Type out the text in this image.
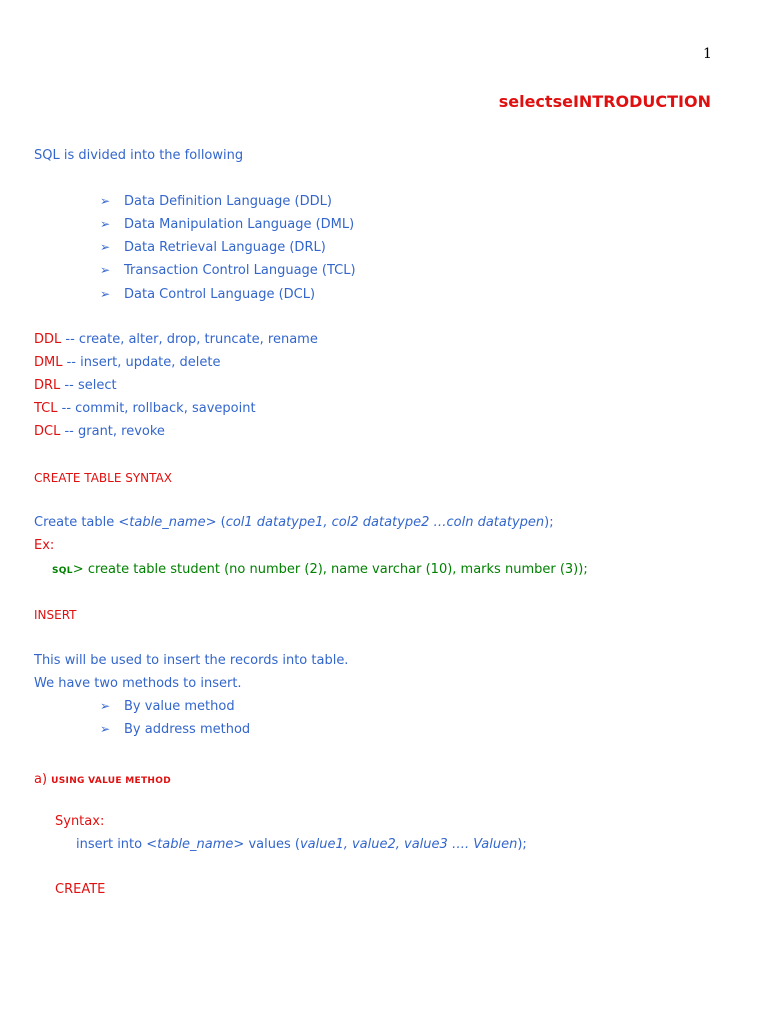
1
selectseINTRODUCTION
SQL is divided into the following
➢ Data Definition Language (DDL)
➢ Data Manipulation Language (DML)
➢ Data Retrieval Language (DRL)
➢ Transaction Control Language (TCL)
➢ Data Control Language (DCL)
DDL -- create, alter, drop, truncate, rename
DML -- insert, update, delete
DRL -- select
TCL -- commit, rollback, savepoint
DCL -- grant, revoke
CREATE TABLE SYNTAX
Create table <table_name> (col1 datatype1, col2 datatype2 …coln datatypen);
Ex:
SQL> create table student (no number (2), name varchar (10), marks number (3));
INSERT
This will be used to insert the records into table.
We have two methods to insert.
➢ By value method
➢ By address method
a) USING VALUE METHOD
Syntax:
insert into <table_name> values (value1, value2, value3 …. Valuen);
CREATE
